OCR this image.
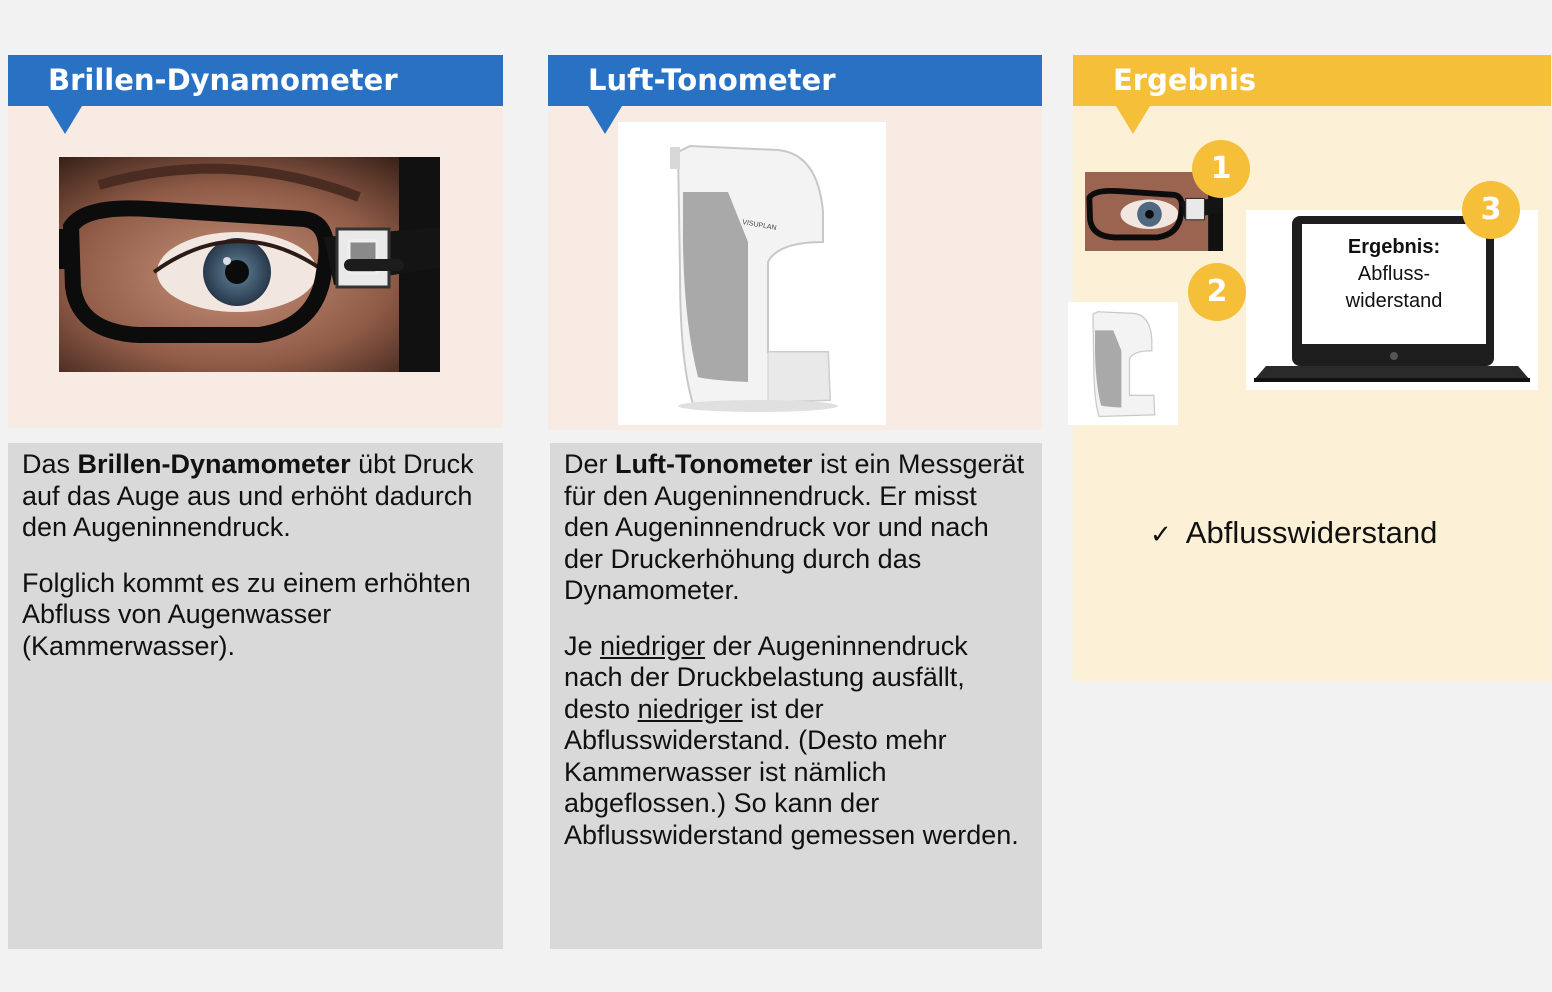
Brillen-Dynamometer

Das Brillen-Dynamometer übt Druck auf das Auge aus und erhöht dadurch den Augeninnendruck.

Folglich kommt es zu einem erhöhten Abfluss von Augenwasser (Kammerwasser).

Luft-Tonometer
VISUPLAN

Der Luft-Tonometer ist ein Messgerät für den Augeninnendruck. Er misst den Augeninnendruck vor und nach der Druckerhöhung durch das Dynamometer.

Je niedriger der Augeninnendruck nach der Druckbelastung ausfällt, desto niedriger ist der Abflusswiderstand. (Desto mehr Kammerwasser ist nämlich abgeflossen.) So kann der Abflusswiderstand gemessen werden.

Ergebnis
Ergebnis:
Abfluss-
widerstand
1
2
3
✓ Abflusswiderstand
